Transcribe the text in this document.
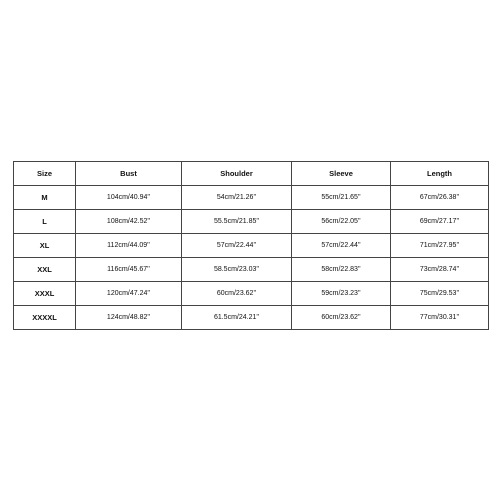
Size	Bust	Shoulder	Sleeve	Length
M	104cm/40.94''	54cm/21.26''	55cm/21.65''	67cm/26.38''
L	108cm/42.52''	55.5cm/21.85''	56cm/22.05''	69cm/27.17''
XL	112cm/44.09''	57cm/22.44''	57cm/22.44''	71cm/27.95''
XXL	116cm/45.67''	58.5cm/23.03''	58cm/22.83''	73cm/28.74''
XXXL	120cm/47.24''	60cm/23.62''	59cm/23.23''	75cm/29.53''
XXXXL	124cm/48.82''	61.5cm/24.21''	60cm/23.62''	77cm/30.31''
